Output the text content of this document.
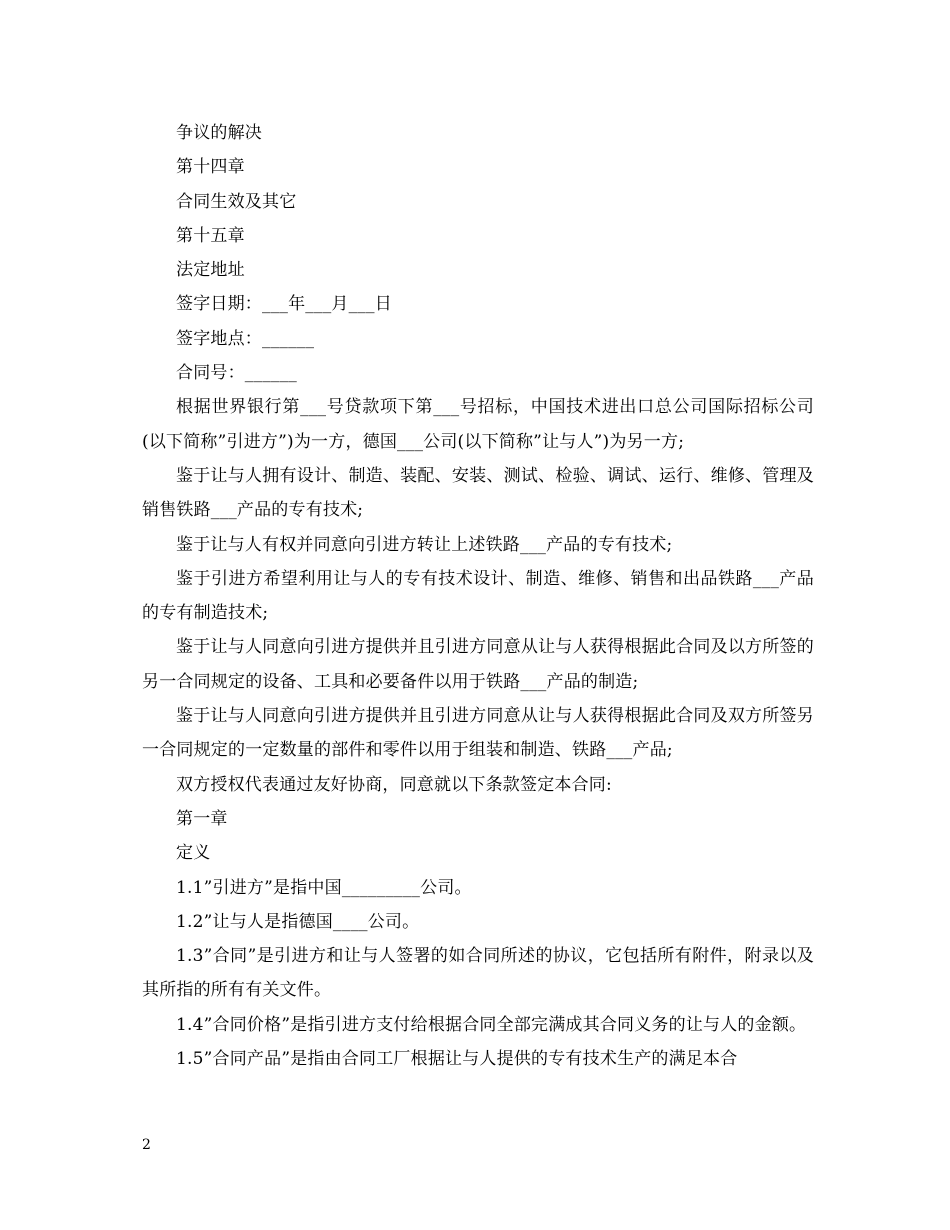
争议的解决

第十四章

合同生效及其它

第十五章

法定地址

签字日期：___年___月___日

签字地点：______

合同号：______

根据世界银行第___号贷款项下第___号招标，中国技术进出口总公司国际招标公司(以下简称”引进方”)为一方，德国___公司(以下简称”让与人”)为另一方;

鉴于让与人拥有设计、制造、装配、安装、测试、检验、调试、运行、维修、管理及销售铁路___产品的专有技术;

鉴于让与人有权并同意向引进方转让上述铁路___产品的专有技术;

鉴于引进方希望利用让与人的专有技术设计、制造、维修、销售和出品铁路___产品的专有制造技术;

鉴于让与人同意向引进方提供并且引进方同意从让与人获得根据此合同及以方所签的另一合同规定的设备、工具和必要备件以用于铁路___产品的制造;

鉴于让与人同意向引进方提供并且引进方同意从让与人获得根据此合同及双方所签另一合同规定的一定数量的部件和零件以用于组装和制造、铁路___产品;

双方授权代表通过友好协商，同意就以下条款签定本合同:

第一章

定义

1.1”引进方”是指中国_________公司。

1.2”让与人是指德国____公司。

1.3”合同”是引进方和让与人签署的如合同所述的协议，它包括所有附件，附录以及其所指的所有有关文件。

1.4”合同价格”是指引进方支付给根据合同全部完满成其合同义务的让与人的金额。

1.5”合同产品”是指由合同工厂根据让与人提供的专有技术生产的满足本合

2
